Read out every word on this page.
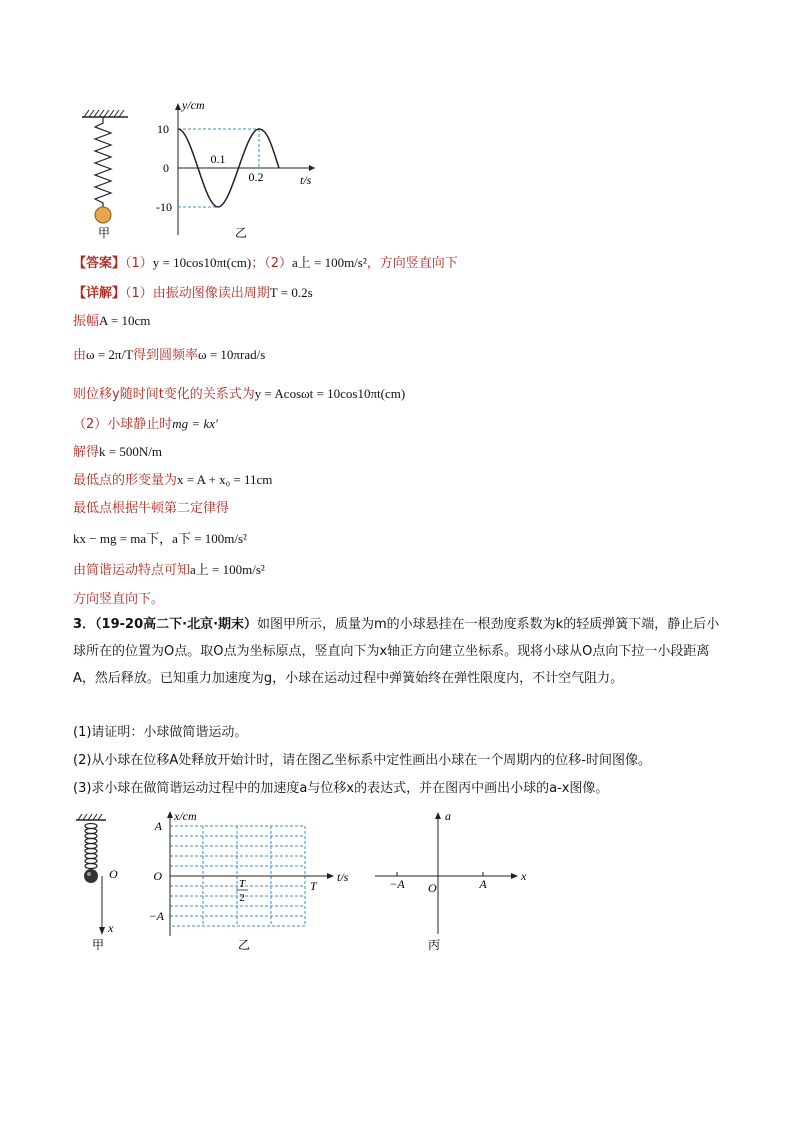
10
0
-10
0.1
0.2
y/cm
t/s
甲	乙
【答案】（1）y = 10cos10πt(cm)；（2）a上 = 100m/s²，方向竖直向下
【详解】（1）由振动图像读出周期T = 0.2s
振幅A = 10cm
由ω = 2π/T得到圆频率ω = 10πrad/s
则位移y随时间t变化的关系式为y = Acosωt = 10cos10πt(cm)
（2）小球静止时mg = kx′
解得k = 500N/m
最低点的形变量为x = A + x₀ = 11cm
最低点根据牛顿第二定律得
kx − mg = ma下，a下 = 100m/s²
由简谐运动特点可知a上 = 100m/s²
方向竖直向下。
3．（19-20高二下·北京·期末）如图甲所示，质量为m的小球悬挂在一根劲度系数为k的轻质弹簧下端，静止后小球所在的位置为O点。取O点为坐标原点，竖直向下为x轴正方向建立坐标系。现将小球从O点向下拉一小段距离A，然后释放。已知重力加速度为g，小球在运动过程中弹簧始终在弹性限度内，不计空气阻力。
(1)请证明：小球做简谐运动。
(2)从小球在位移A处释放开始计时，请在图乙坐标系中定性画出小球在一个周期内的位移-时间图像。
(3)求小球在做简谐运动过程中的加速度a与位移x的表达式，并在图丙中画出小球的a-x图像。
O
x
甲
x/cm
t/s
A
O
−A
T
T
2
乙
a
x
O
−A	A
丙
